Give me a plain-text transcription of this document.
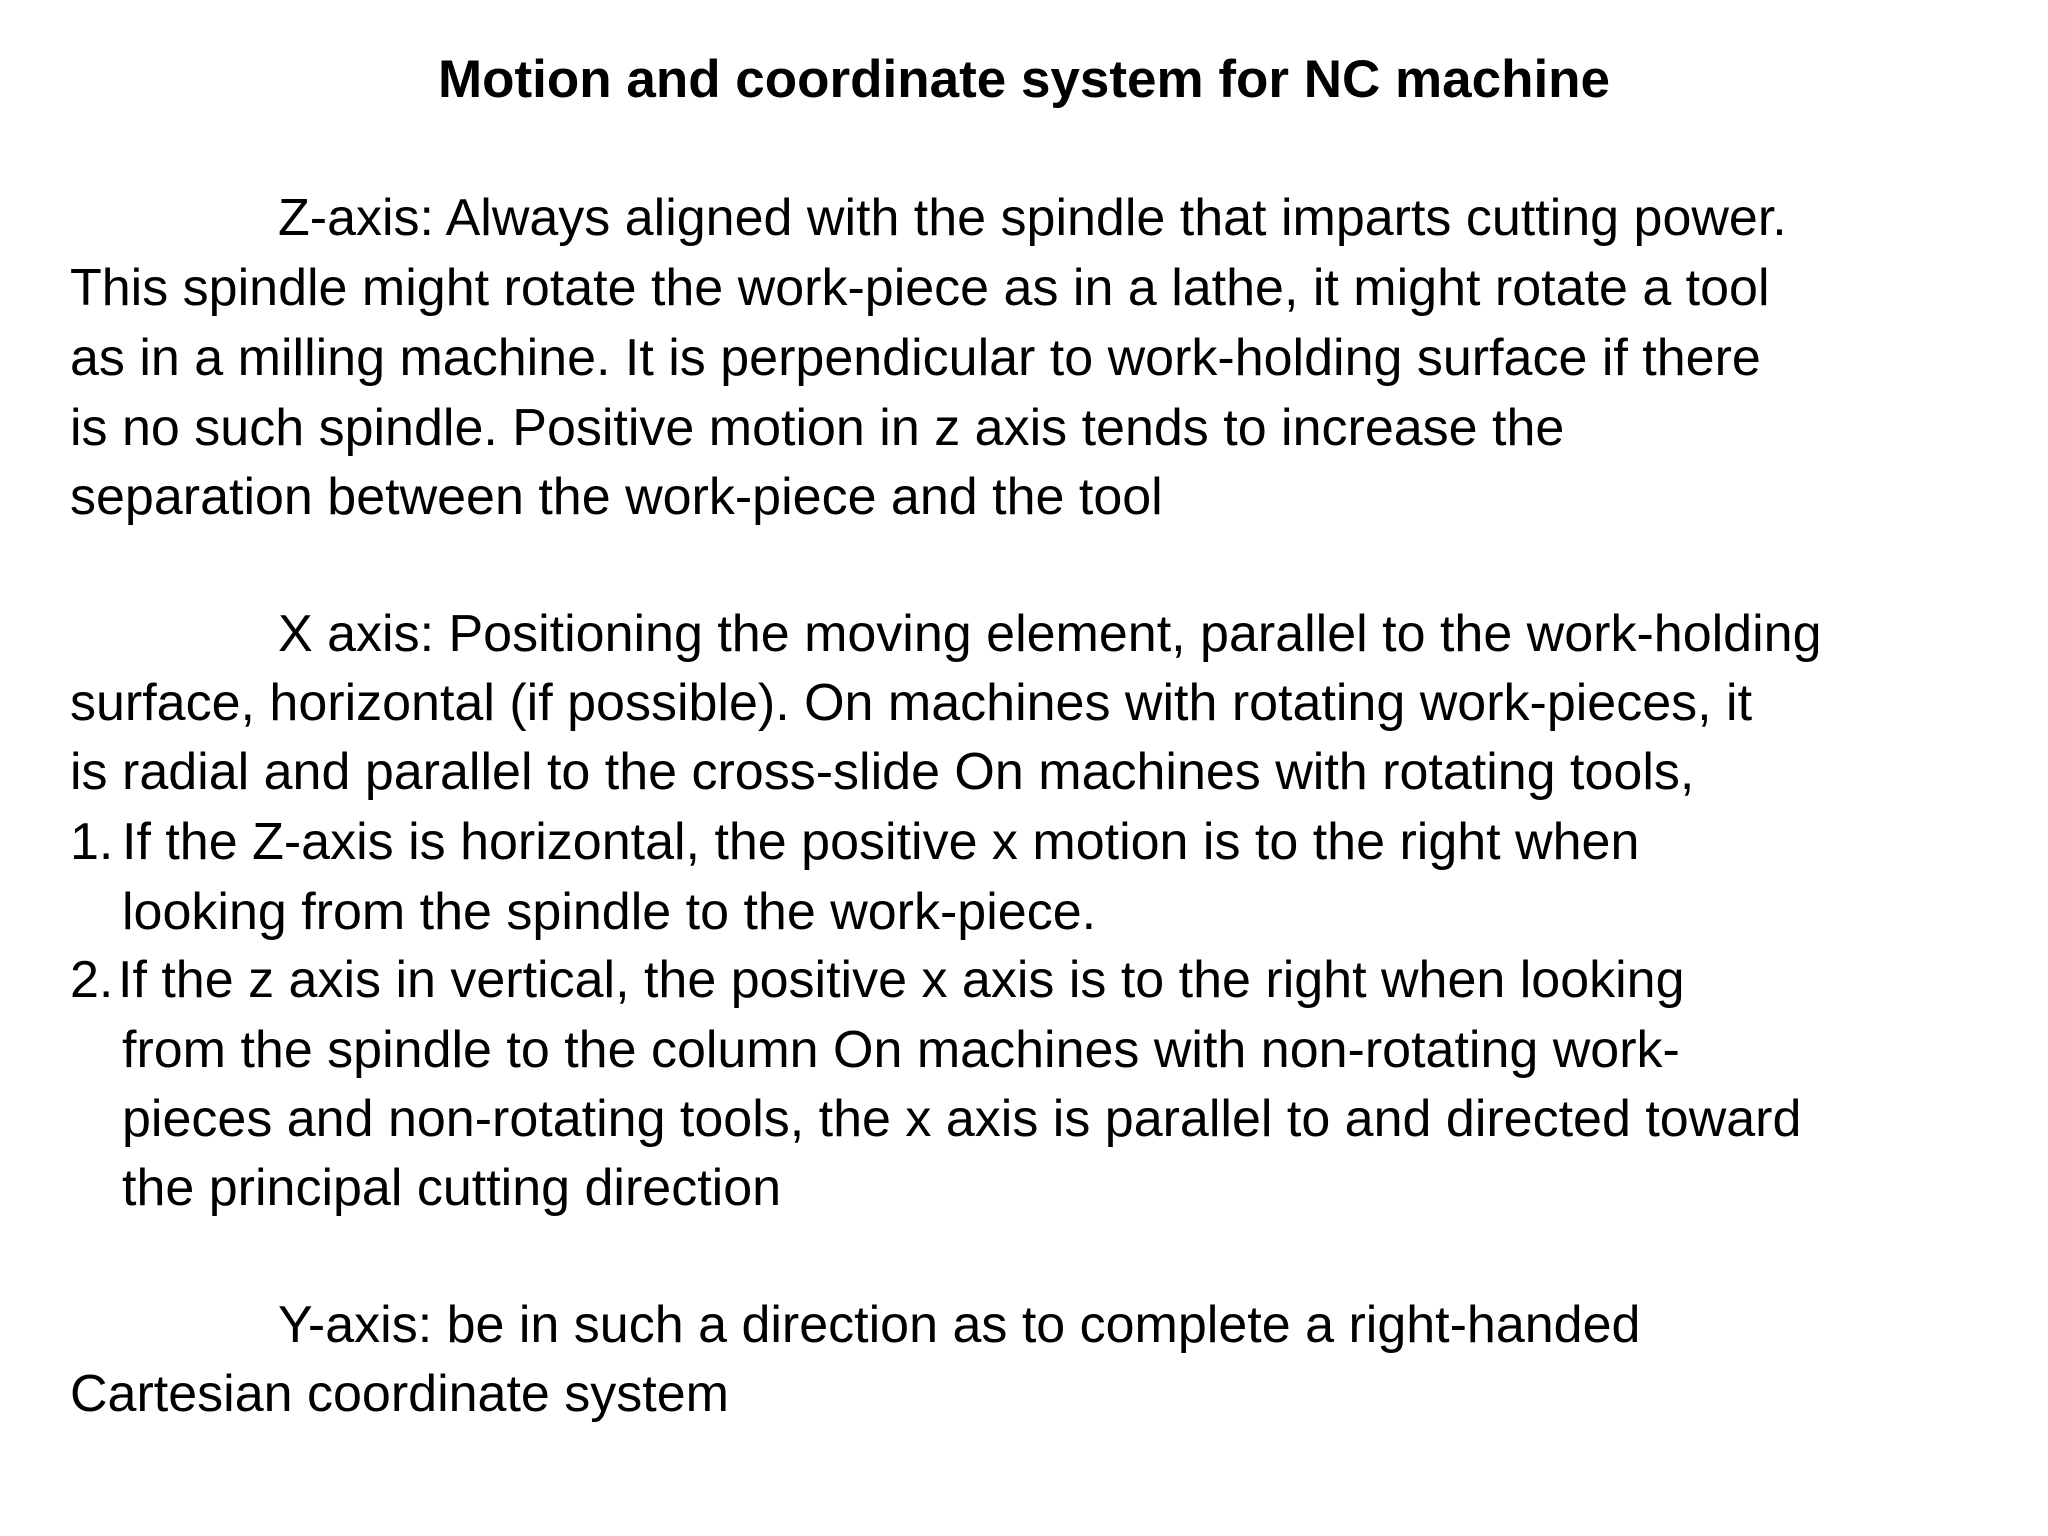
Motion and coordinate system for NC machine
Z-axis: Always aligned with the spindle that imparts cutting power.
This spindle might rotate the work-piece as in a lathe, it might rotate a tool
as in a milling machine. It is perpendicular to work-holding surface if there
is no such spindle. Positive motion in z axis tends to increase the
separation between the work-piece and the tool
X axis: Positioning the moving element, parallel to the work-holding
surface, horizontal (if possible). On machines with rotating work-pieces, it
is radial and parallel to the cross-slide On machines with rotating tools,
1. If the Z-axis is horizontal, the positive x motion is to the right when
looking from the spindle to the work-piece.
2. If the z axis in vertical, the positive x axis is to the right when looking
from the spindle to the column On machines with non-rotating work-
pieces and non-rotating tools, the x axis is parallel to and directed toward
the principal cutting direction
Y-axis: be in such a direction as to complete a right-handed
Cartesian coordinate system
